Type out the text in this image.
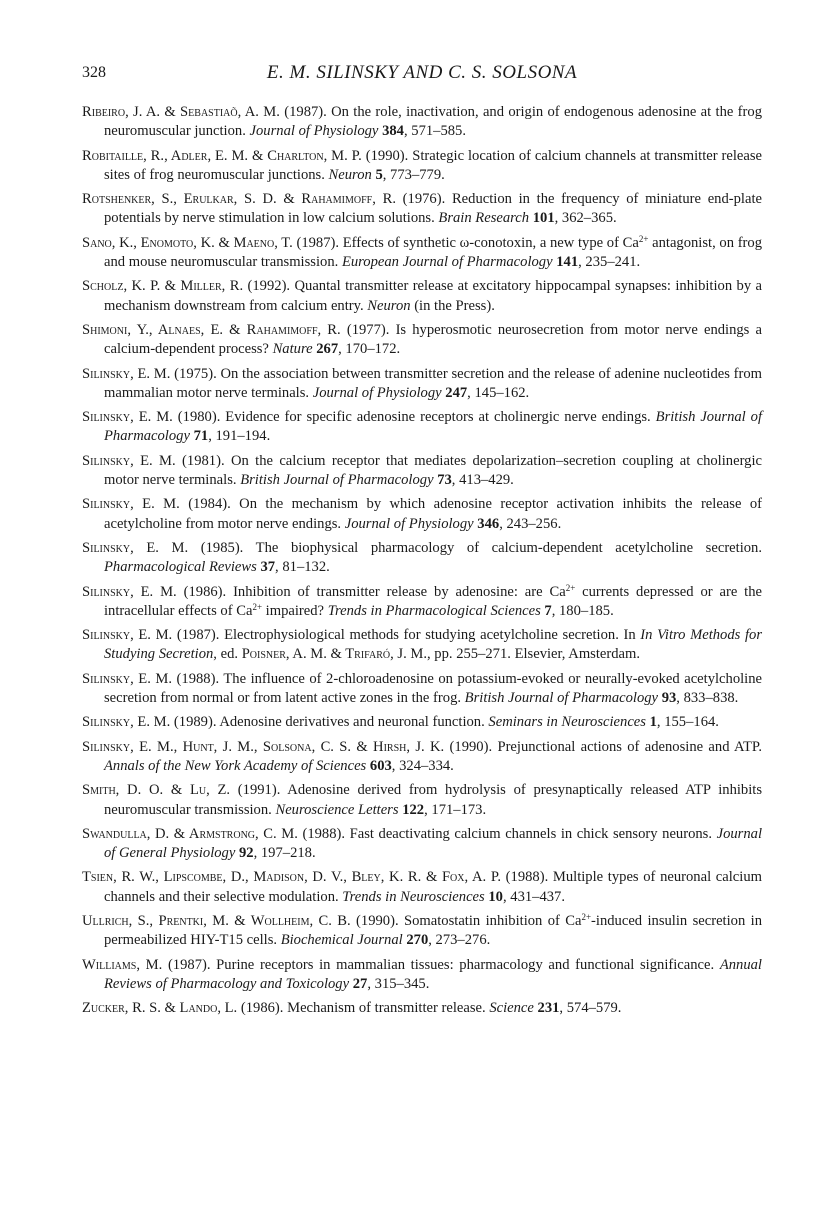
328	E. M. SILINSKY AND C. S. SOLSONA

Ribeiro, J. A. & Sebastiaõ, A. M. (1987). On the role, inactivation, and origin of endogenous adenosine at the frog neuromuscular junction. Journal of Physiology 384, 571–585.

Robitaille, R., Adler, E. M. & Charlton, M. P. (1990). Strategic location of calcium channels at transmitter release sites of frog neuromuscular junctions. Neuron 5, 773–779.

Rotshenker, S., Erulkar, S. D. & Rahamimoff, R. (1976). Reduction in the frequency of miniature end-plate potentials by nerve stimulation in low calcium solutions. Brain Research 101, 362–365.

Sano, K., Enomoto, K. & Maeno, T. (1987). Effects of synthetic ω-conotoxin, a new type of $Ca^{2+}$ antagonist, on frog and mouse neuromuscular transmission. European Journal of Pharmacology 141, 235–241.

Scholz, K. P. & Miller, R. (1992). Quantal transmitter release at excitatory hippocampal synapses: inhibition by a mechanism downstream from calcium entry. Neuron (in the Press).

Shimoni, Y., Alnaes, E. & Rahamimoff, R. (1977). Is hyperosmotic neurosecretion from motor nerve endings a calcium-dependent process? Nature 267, 170–172.

Silinsky, E. M. (1975). On the association between transmitter secretion and the release of adenine nucleotides from mammalian motor nerve terminals. Journal of Physiology 247, 145–162.

Silinsky, E. M. (1980). Evidence for specific adenosine receptors at cholinergic nerve endings. British Journal of Pharmacology 71, 191–194.

Silinsky, E. M. (1981). On the calcium receptor that mediates depolarization–secretion coupling at cholinergic motor nerve terminals. British Journal of Pharmacology 73, 413–429.

Silinsky, E. M. (1984). On the mechanism by which adenosine receptor activation inhibits the release of acetylcholine from motor nerve endings. Journal of Physiology 346, 243–256.

Silinsky, E. M. (1985). The biophysical pharmacology of calcium-dependent acetylcholine secretion. Pharmacological Reviews 37, 81–132.

Silinsky, E. M. (1986). Inhibition of transmitter release by adenosine: are $Ca^{2+}$ currents depressed or are the intracellular effects of $Ca^{2+}$ impaired? Trends in Pharmacological Sciences 7, 180–185.

Silinsky, E. M. (1987). Electrophysiological methods for studying acetylcholine secretion. In In Vitro Methods for Studying Secretion, ed. Poisner, A. M. & Trifaró, J. M., pp. 255–271. Elsevier, Amsterdam.

Silinsky, E. M. (1988). The influence of 2-chloroadenosine on potassium-evoked or neurally-evoked acetylcholine secretion from normal or from latent active zones in the frog. British Journal of Pharmacology 93, 833–838.

Silinsky, E. M. (1989). Adenosine derivatives and neuronal function. Seminars in Neurosciences 1, 155–164.

Silinsky, E. M., Hunt, J. M., Solsona, C. S. & Hirsh, J. K. (1990). Prejunctional actions of adenosine and ATP. Annals of the New York Academy of Sciences 603, 324–334.

Smith, D. O. & Lu, Z. (1991). Adenosine derived from hydrolysis of presynaptically released ATP inhibits neuromuscular transmission. Neuroscience Letters 122, 171–173.

Swandulla, D. & Armstrong, C. M. (1988). Fast deactivating calcium channels in chick sensory neurons. Journal of General Physiology 92, 197–218.

Tsien, R. W., Lipscombe, D., Madison, D. V., Bley, K. R. & Fox, A. P. (1988). Multiple types of neuronal calcium channels and their selective modulation. Trends in Neurosciences 10, 431–437.

Ullrich, S., Prentki, M. & Wollheim, C. B. (1990). Somatostatin inhibition of $Ca^{2+}$-induced insulin secretion in permeabilized HIY-T15 cells. Biochemical Journal 270, 273–276.

Williams, M. (1987). Purine receptors in mammalian tissues: pharmacology and functional significance. Annual Reviews of Pharmacology and Toxicology 27, 315–345.

Zucker, R. S. & Lando, L. (1986). Mechanism of transmitter release. Science 231, 574–579.
